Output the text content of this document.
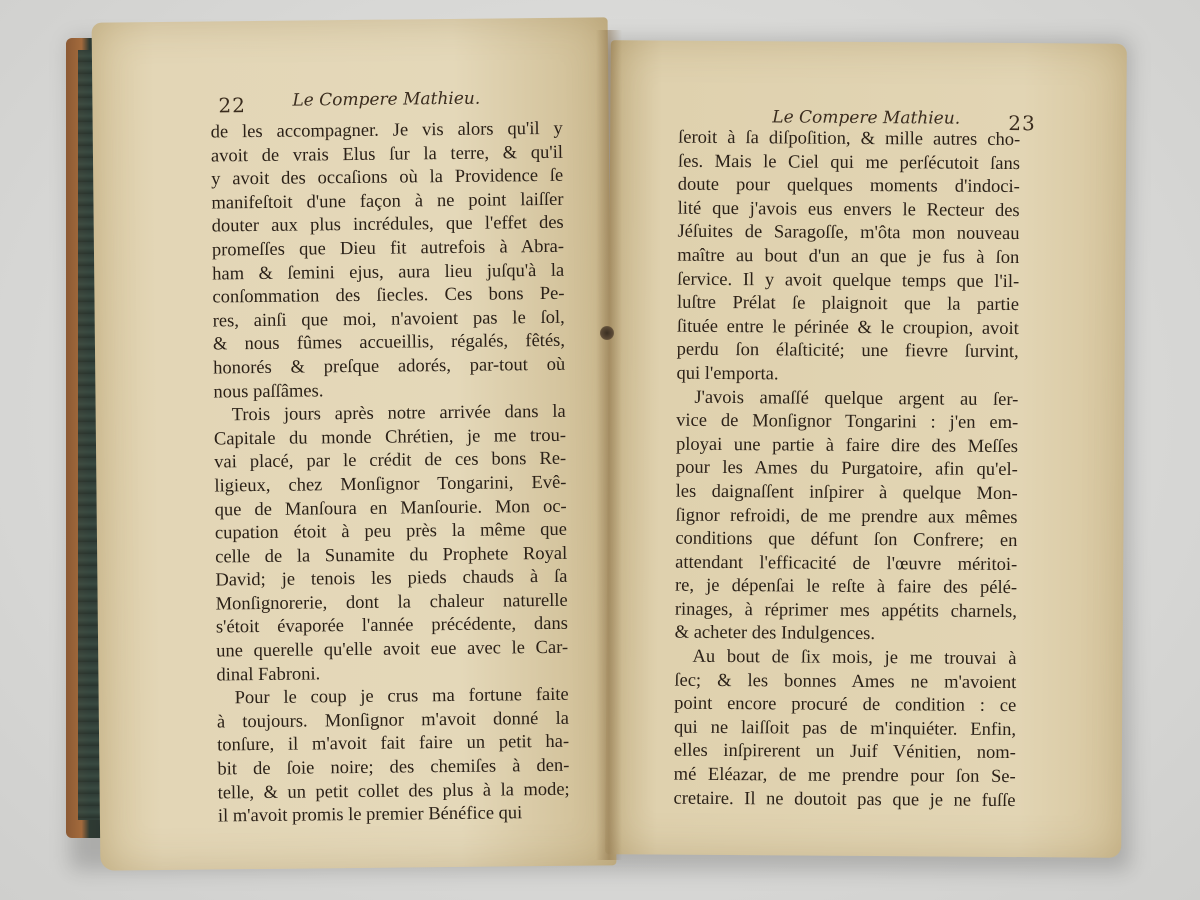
22	Le Compere Mathieu.
de les accompagner. Je vis alors qu'il y
avoit de vrais Elus ſur la terre, & qu'il
y avoit des occaſions où la Providence ſe
manifeſtoit d'une façon à ne point laiſſer
douter aux plus incrédules, que l'effet des
promeſſes que Dieu fit autrefois à Abra-
ham & ſemini ejus, aura lieu juſqu'à la
conſommation des ſiecles. Ces bons Pe-
res, ainſi que moi, n'avoient pas le ſol,
& nous fûmes accueillis, régalés, fêtés,
honorés & preſque adorés, par-tout où
nous paſſâmes.
Trois jours après notre arrivée dans la
Capitale du monde Chrétien, je me trou-
vai placé, par le crédit de ces bons Re-
ligieux, chez Monſignor Tongarini, Evê-
que de Manſoura en Manſourie. Mon oc-
cupation étoit à peu près la même que
celle de la Sunamite du Prophete Royal
David; je tenois les pieds chauds à ſa
Monſignorerie, dont la chaleur naturelle
s'étoit évaporée l'année précédente, dans
une querelle qu'elle avoit eue avec le Car-
dinal Fabroni.
Pour le coup je crus ma fortune faite
à toujours. Monſignor m'avoit donné la
tonſure, il m'avoit fait faire un petit ha-
bit de ſoie noire; des chemiſes à den-
telle, & un petit collet des plus à la mode;
il m'avoit promis le premier Bénéfice qui
Le Compere Mathieu. 23
ſeroit à ſa diſpoſition, & mille autres cho-
ſes. Mais le Ciel qui me perſécutoit ſans
doute pour quelques moments d'indoci-
lité que j'avois eus envers le Recteur des
Jéſuites de Saragoſſe, m'ôta mon nouveau
maître au bout d'un an que je fus à ſon
ſervice. Il y avoit quelque temps que l'il-
luſtre Prélat ſe plaignoit que la partie
ſituée entre le périnée & le croupion, avoit
perdu ſon élaſticité; une fievre ſurvint,
qui l'emporta.
J'avois amaſſé quelque argent au ſer-
vice de Monſignor Tongarini : j'en em-
ployai une partie à faire dire des Meſſes
pour les Ames du Purgatoire, afin qu'el-
les daignaſſent inſpirer à quelque Mon-
ſignor refroidi, de me prendre aux mêmes
conditions que défunt ſon Confrere; en
attendant l'efficacité de l'œuvre méritoi-
re, je dépenſai le reſte à faire des pélé-
rinages, à réprimer mes appétits charnels,
& acheter des Indulgences.
Au bout de ſix mois, je me trouvai à
ſec; & les bonnes Ames ne m'avoient
point encore procuré de condition : ce
qui ne laiſſoit pas de m'inquiéter. Enfin,
elles inſpirerent un Juif Vénitien, nom-
mé Eléazar, de me prendre pour ſon Se-
cretaire. Il ne doutoit pas que je ne fuſſe
